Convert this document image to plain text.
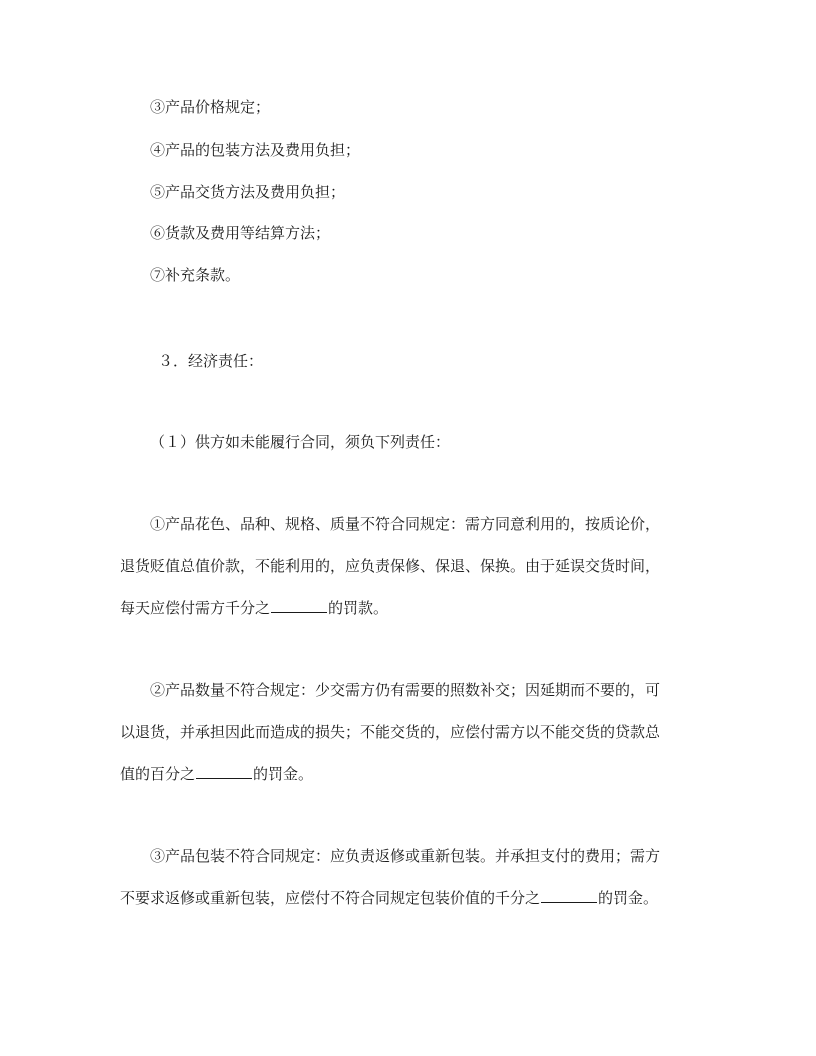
③产品价格规定；
④产品的包装方法及费用负担；
⑤产品交货方法及费用负担；
⑥货款及费用等结算方法；
⑦补充条款。
３．经济责任：
（１）供方如未能履行合同，须负下列责任：
①产品花色、品种、规格、质量不符合同规定：需方同意利用的，按质论价，
退货贬值总值价款，不能利用的，应负责保修、保退、保换。由于延误交货时间，
每天应偿付需方千分之	的罚款。
②产品数量不符合规定：少交需方仍有需要的照数补交；因延期而不要的，可
以退货，并承担因此而造成的损失；不能交货的，应偿付需方以不能交货的贷款总
值的百分之	的罚金。
③产品包装不符合同规定：应负责返修或重新包装。并承担支付的费用；需方
不要求返修或重新包装，应偿付不符合同规定包装价值的千分之	的罚金。
